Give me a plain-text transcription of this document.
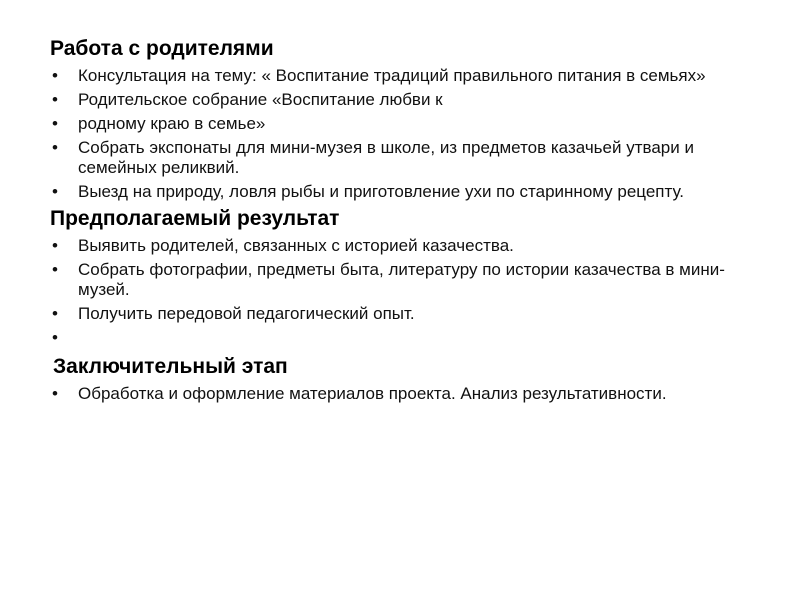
Работа с родителями
• Консультация на тему: « Воспитание традиций правильного питания в семьях»
• Родительское собрание «Воспитание любви к
• родному краю в семье»
• Собрать экспонаты для мини-музея в школе, из предметов казачьей утвари и семейных реликвий.
• Выезд на природу, ловля рыбы и приготовление ухи по старинному рецепту.
Предполагаемый результат
• Выявить родителей, связанных с историей казачества.
• Собрать фотографии, предметы быта, литературу по истории казачества в мини-музей.
• Получить передовой педагогический опыт.
•
Заключительный этап
• Обработка и оформление материалов проекта. Анализ результативности.
